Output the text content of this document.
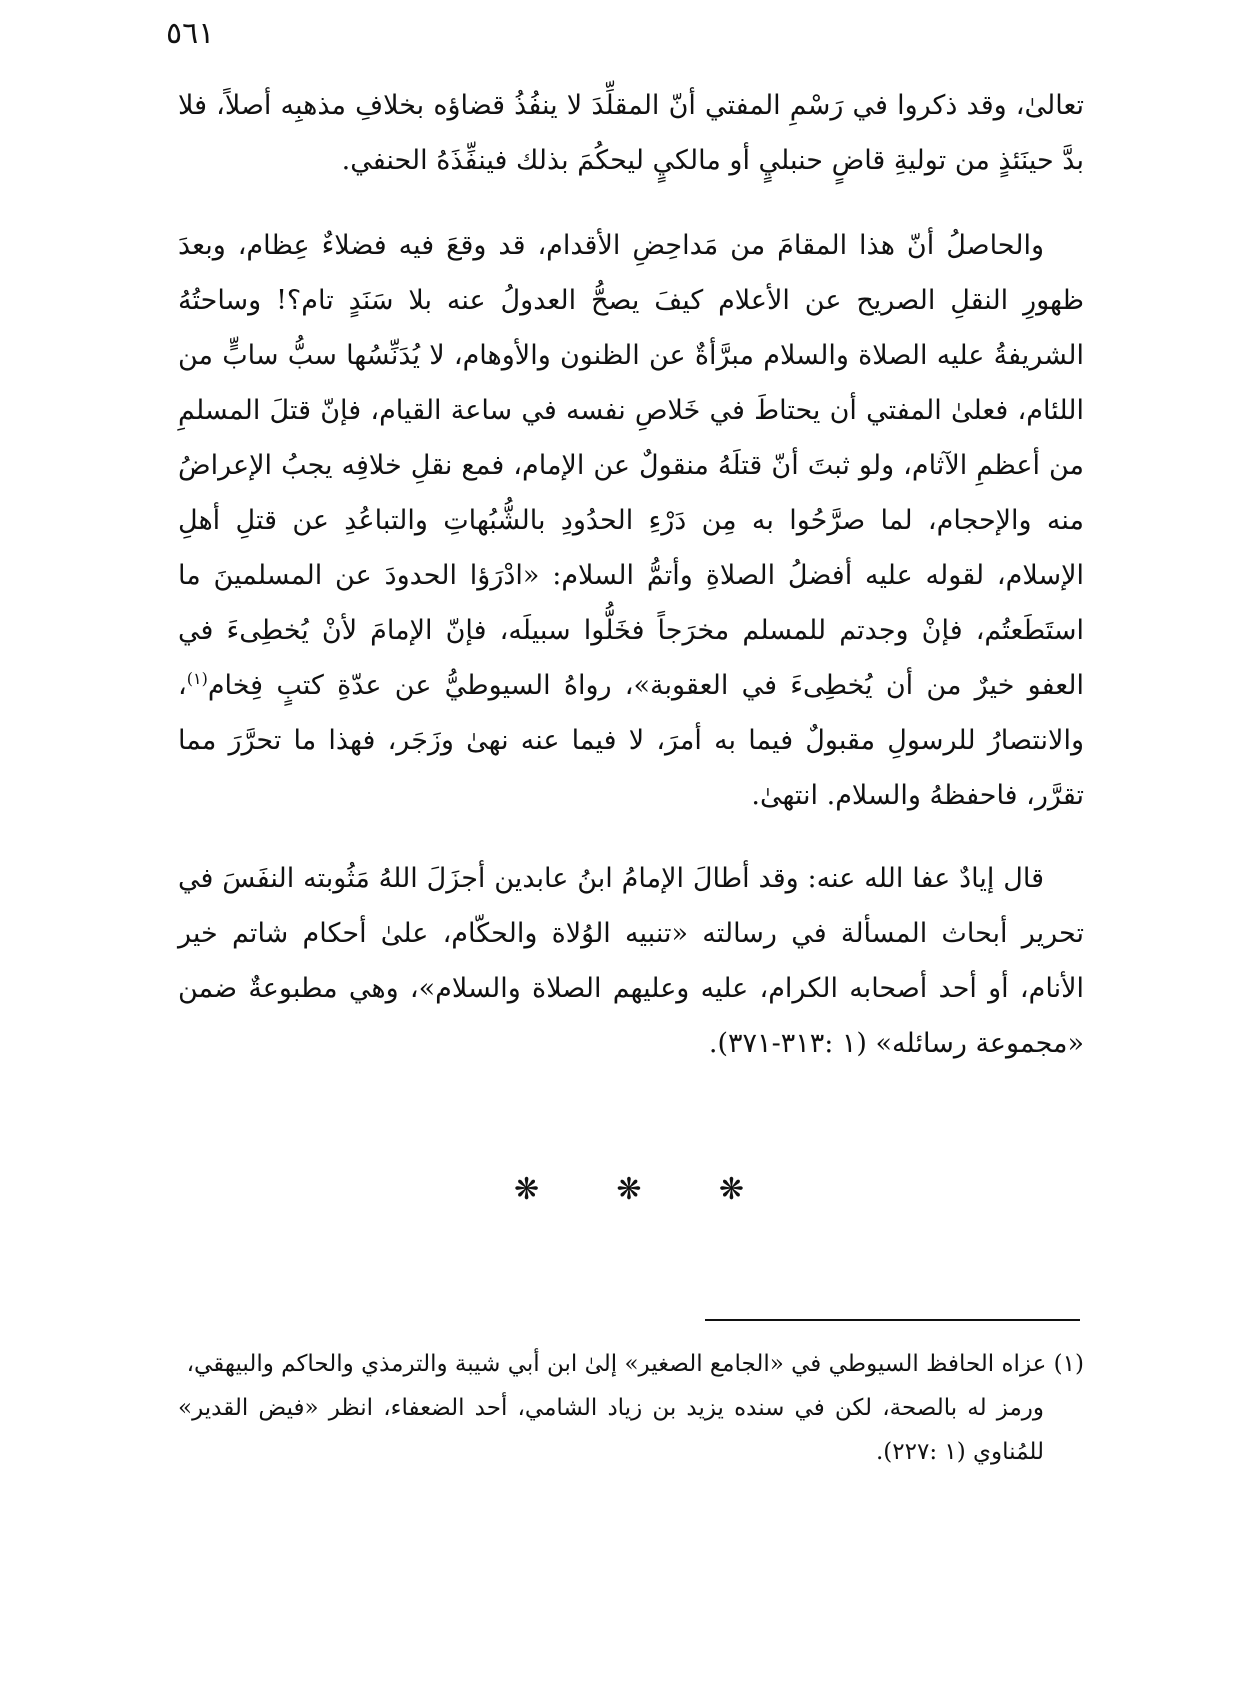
٥٦١

تعالىٰ، وقد ذكروا في رَسْمِ المفتي أنّ المقلِّدَ لا ينفُذُ قضاؤه بخلافِ مذهبِه أصلاً، فلا بدَّ حينَئذٍ من توليةِ قاضٍ حنبليٍ أو مالكيٍ ليحكُمَ بذلك فينفِّذَهُ الحنفي.

والحاصلُ أنّ هذا المقامَ من مَداحِضِ الأقدام، قد وقعَ فيه فضلاءٌ عِظام، وبعدَ ظهورِ النقلِ الصريح عن الأعلام كيفَ يصحُّ العدولُ عنه بلا سَنَدٍ تام؟! وساحتُهُ الشريفةُ عليه الصلاة والسلام مبرَّأةٌ عن الظنون والأوهام، لا يُدَنِّسُها سبُّ سابٍّ من اللئام، فعلىٰ المفتي أن يحتاطَ في خَلاصِ نفسه في ساعة القيام، فإنّ قتلَ المسلمِ من أعظمِ الآثام، ولو ثبتَ أنّ قتلَهُ منقولٌ عن الإمام، فمع نقلِ خلافِه يجبُ الإعراضُ منه والإحجام، لما صرَّحُوا به مِن دَرْءِ الحدُودِ بالشُّبُهاتِ والتباعُدِ عن قتلِ أهلِ الإسلام، لقوله عليه أفضلُ الصلاةِ وأتمُّ السلام: «ادْرَؤا الحدودَ عن المسلمينَ ما استَطَعتُم، فإنْ وجدتم للمسلم مخرَجاً فخَلُّوا سبيلَه، فإنّ الإمامَ لأنْ يُخطِىءَ في العفو خيرٌ من أن يُخطِىءَ في العقوبة»، رواهُ السيوطيُّ عن عدّةِ كتبٍ فِخام$^{(١)}$، والانتصارُ للرسولِ مقبولٌ فيما به أمرَ، لا فيما عنه نهىٰ وزَجَر، فهذا ما تحرَّرَ مما تقرَّر، فاحفظهُ والسلام. انتهىٰ.

قال إيادٌ عفا الله عنه: وقد أطالَ الإمامُ ابنُ عابدين أجزَلَ اللهُ مَثُوبته النفَسَ في تحرير أبحاث المسألة في رسالته «تنبيه الوُلاة والحكّام، علىٰ أحكام شاتم خير الأنام، أو أحد أصحابه الكرام، عليه وعليهم الصلاة والسلام»، وهي مطبوعةٌ ضمن «مجموعة رسائله» (١ :٣١٣-٣٧١).

❋	❋	❋

(١) عزاه الحافظ السيوطي في «الجامع الصغير» إلىٰ ابن أبي شيبة والترمذي والحاكم والبيهقي،

ورمز له بالصحة، لكن في سنده يزيد بن زياد الشامي، أحد الضعفاء، انظر «فيض القدير» للمُناوي (١ :٢٢٧).
